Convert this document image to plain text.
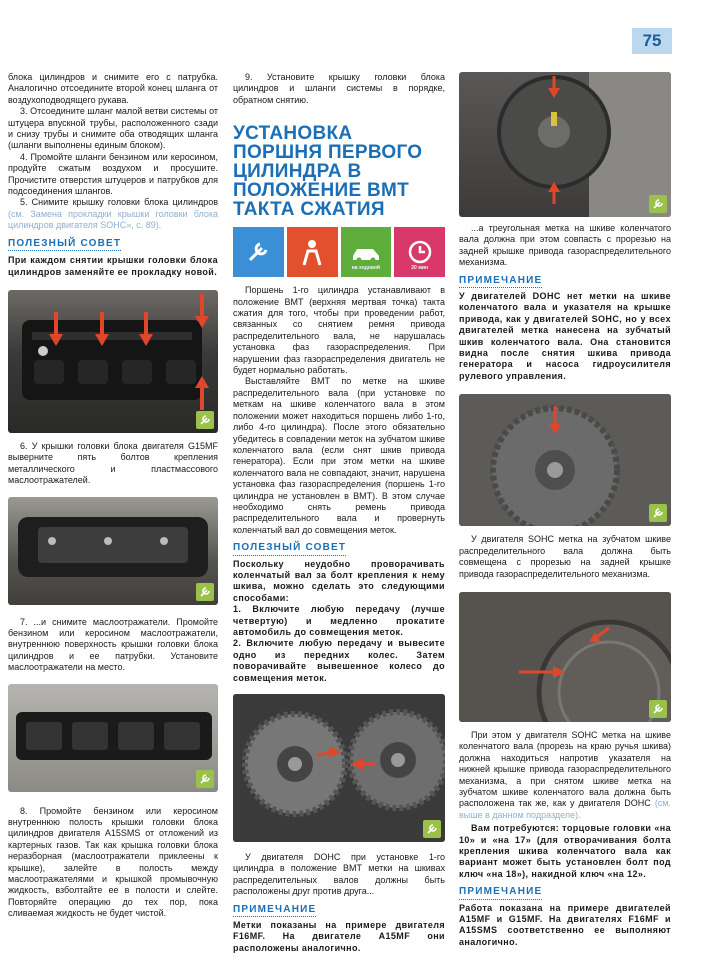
75

блока цилиндров и снимите его с патрубка. Аналогично отсоедините второй конец шланга от воздухоподводящего рукава.

3. Отсоедините шланг малой ветви системы от штуцера впускной трубы, расположенного сзади и снизу трубы и снимите оба отводящих шланга (шланги выполнены единым блоком).

4. Промойте шланги бензином или керосином, продуйте сжатым воздухом и просушите. Прочистите отверстия штуцеров и патрубков для подсоединения шлангов.

5. Снимите крышку головки блока цилиндров (см. Замена прокладки крышки головки блока цилиндров двигателя SOHC», с. 89).

ПОЛЕЗНЫЙ СОВЕТ

При каждом снятии крышки головки блока цилиндров заменяйте ее прокладку новой.

6. У крышки головки блока двигателя G15MF выверните пять болтов крепления металлического и пластмассового маслоотражателей.

7. ...и снимите маслоотражатели. Промойте бензином или керосином маслоотражатели, внутреннюю поверхность крышки головки блока цилиндров и ее патрубки. Установите маслоотражатели на место.

8. Промойте бензином или керосином внутреннюю полость крышки головки блока цилиндров двигателя A15SMS от отложений из картерных газов. Так как крышка головки блока неразборная (маслоотражатели приклеены к крышке), залейте в полость между маслоотражателями и крышкой промывочную жидкость, взболтайте ее в полости и слейте. Повторяйте операцию до тех пор, пока сливаемая жидкость не будет чистой.

9. Установите крышку головки блока цилиндров и шланги системы в порядке, обратном снятию.

УСТАНОВКА ПОРШНЯ ПЕРВОГО ЦИЛИНДРА В ПОЛОЖЕНИЕ ВМТ ТАКТА СЖАТИЯ
на ходовой	20 мин

Поршень 1-го цилиндра устанавливают в положение ВМТ (верхняя мертвая точка) такта сжатия для того, чтобы при проведении работ, связанных со снятием ремня привода распределительного вала, не нарушалась установка фаз газораспределения. При нарушении фаз газораспределения двигатель не будет нормально работать.

Выставляйте ВМТ по метке на шкиве распределительного вала (при установке по меткам на шкиве коленчатого вала в этом положении может находиться поршень либо 1-го, либо 4-го цилиндра). После этого обязательно убедитесь в совпадении меток на зубчатом шкиве коленчатого вала (если снят шкив привода генератора). Если при этом метки на шкиве коленчатого вала не совпадают, значит, нарушена установка фаз газораспределения (поршень 1-го цилиндра не установлен в ВМТ). В этом случае необходимо снять ремень привода распределительного вала и провернуть коленчатый вал до совмещения меток.

ПОЛЕЗНЫЙ СОВЕТ

Поскольку неудобно проворачивать коленчатый вал за болт крепления к нему шкива, можно сделать это следующими способами:

1. Включите любую передачу (лучше четвертую) и медленно прокатите автомобиль до совмещения меток.

2. Включите любую передачу и вывесите одно из передних колес. Затем поворачивайте вывешенное колесо до совмещения меток.

У двигателя DOHC при установке 1-го цилиндра в положение ВМТ метки на шкивах распределительных валов должны быть расположены друг против друга...

ПРИМЕЧАНИЕ

Метки показаны на примере двигателя F16MF. На двигателе A15MF они расположены аналогично.

...а треугольная метка на шкиве коленчатого вала должна при этом совпасть с прорезью на задней крышке привода газораспределительного механизма.

ПРИМЕЧАНИЕ

У двигателей DOHC нет метки на шкиве коленчатого вала и указателя на крышке привода, как у двигателей SOHC, но у всех двигателей метка нанесена на зубчатый шкив коленчатого вала. Она становится видна после снятия шкива привода генератора и насоса гидроусилителя рулевого управления.

У двигателя SOHC метка на зубчатом шкиве распределительного вала должна быть совмещена с прорезью на задней крышке привода газораспределительного механизма.

При этом у двигателя SOHC метка на шкиве коленчатого вала (прорезь на краю ручья шкива) должна находиться напротив указателя на нижней крышке привода газораспределительного механизма, а при снятом шкиве метка на зубчатом шкиве коленчатого вала должна быть расположена так же, как у двигателя DOHC (см. выше в данном подразделе).

Вам потребуются: торцовые головки «на 10» и «на 17» (для отворачивания болта крепления шкива коленчатого вала как вариант может быть установлен болт под ключ «на 18»), накидной ключ «на 12».

ПРИМЕЧАНИЕ

Работа показана на примере двигателей A15MF и G15MF. На двигателях F16MF и A15SMS соответственно ее выполняют аналогично.
